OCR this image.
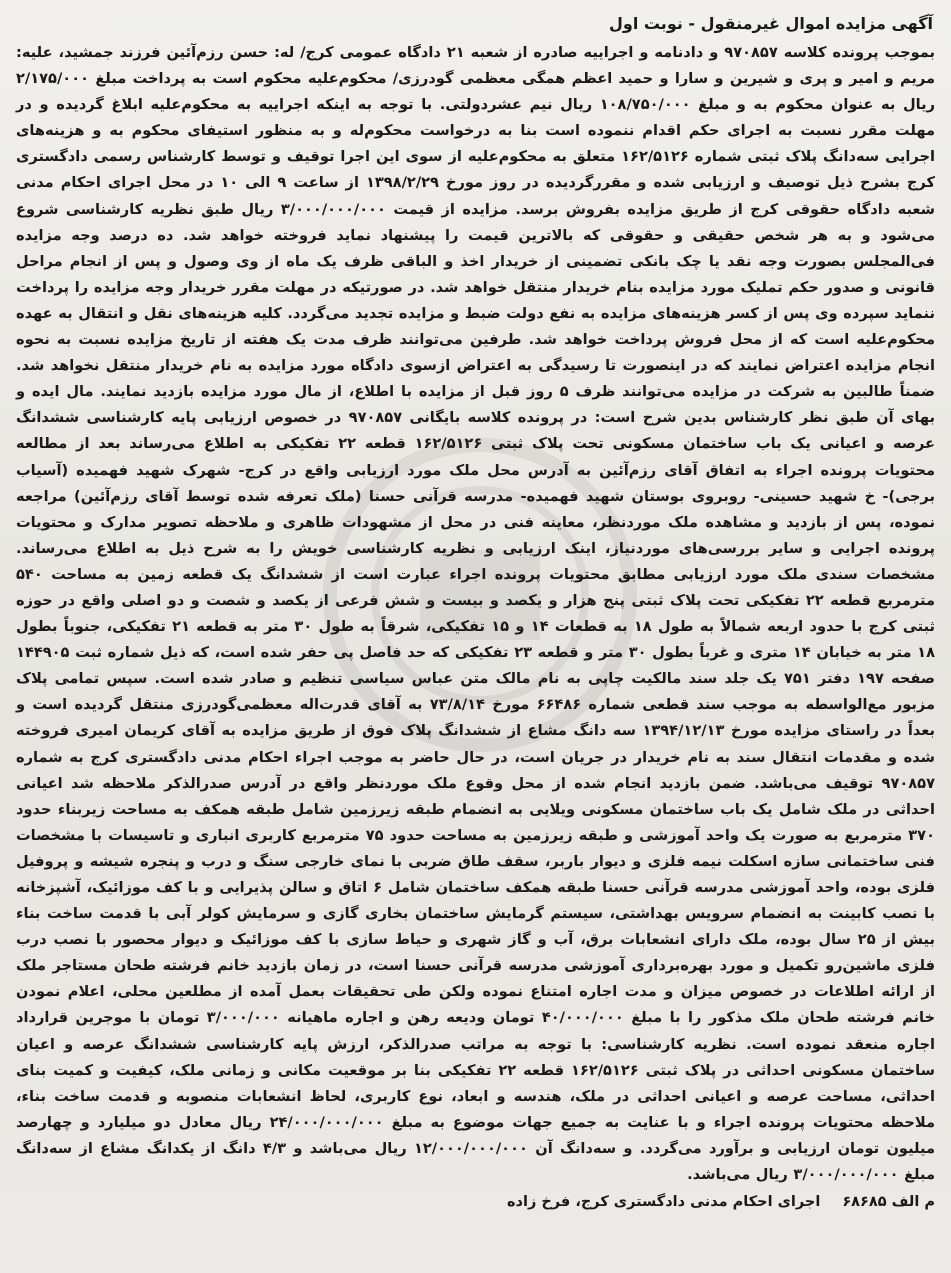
آگهی مزایده اموال غیرمنقول - نوبت اول
بموجب پرونده کلاسه ۹۷۰۸۵۷ و دادنامه و اجراییه صادره از شعبه ۲۱ دادگاه عمومی کرج/ له: حسن رزم‌آئین فرزند جمشید، علیه: مریم و امیر و پری و شیرین و سارا و حمید اعظم همگی معظمی گودرزی/ محکوم‌علیه محکوم است به پرداخت مبلغ ۲/۱۷۵/۰۰۰ ریال به عنوان محکوم به و مبلغ ۱۰۸/۷۵۰/۰۰۰ ریال نیم عشردولتی. با توجه به اینکه اجراییه به محکوم‌علیه ابلاغ گردیده و در مهلت مقرر نسبت به اجرای حکم اقدام ننموده است بنا به درخواست محکوم‌له و به منظور استیفای محکوم به و هزینه‌های اجرایی سه‌دانگ پلاک ثبتی شماره ۱۶۲/۵۱۲۶ متعلق به محکوم‌علیه از سوی این اجرا توقیف و توسط کارشناس رسمی دادگستری کرج بشرح ذیل توصیف و ارزیابی شده و مقررگردیده در روز مورخ ۱۳۹۸/۲/۲۹ از ساعت ۹ الی ۱۰ در محل اجرای احکام مدنی شعبه دادگاه حقوقی کرج از طریق مزایده بفروش برسد. مزایده از قیمت ۳/۰۰۰/۰۰۰/۰۰۰ ریال طبق نظریه کارشناسی شروع می‌شود و به هر شخص حقیقی و حقوقی که بالاترین قیمت را پیشنهاد نماید فروخته خواهد شد. ده درصد وجه مزایده فی‌المجلس بصورت وجه نقد یا چک بانکی تضمینی از خریدار اخذ و الباقی ظرف یک ماه از وی وصول و پس از انجام مراحل قانونی و صدور حکم تملیک مورد مزایده بنام خریدار منتقل خواهد شد. در صورتیکه در مهلت مقرر خریدار وجه مزایده را پرداخت ننماید سپرده وی پس از کسر هزینه‌های مزایده به نفع دولت ضبط و مزایده تجدید می‌گردد. کلیه هزینه‌های نقل و انتقال به عهده محکوم‌علیه است که از محل فروش پرداخت خواهد شد. طرفین می‌توانند ظرف مدت یک هفته از تاریخ مزایده نسبت به نحوه انجام مزایده اعتراض نمایند که در اینصورت تا رسیدگی به اعتراض ازسوی دادگاه مورد مزایده به نام خریدار منتقل نخواهد شد. ضمناً طالبین به شرکت در مزایده می‌توانند ظرف ۵ روز قبل از مزایده با اطلاع، از مال مورد مزایده بازدید نمایند. مال ایده و بهای آن طبق نظر کارشناس بدین شرح است: در پرونده کلاسه بایگانی ۹۷۰۸۵۷ در خصوص ارزیابی پایه کارشناسی ششدانگ عرصه و اعیانی یک باب ساختمان مسکونی تحت پلاک ثبتی ۱۶۲/۵۱۲۶ قطعه ۲۲ تفکیکی به اطلاع می‌رساند بعد از مطالعه محتویات پرونده اجراء به اتفاق آقای رزم‌آئین به آدرس محل ملک مورد ارزیابی واقع در کرج- شهرک شهید فهمیده (آسیاب برجی)- خ شهید حسینی- روبروی بوستان شهید فهمیده- مدرسه قرآنی حسنا (ملک تعرفه شده توسط آقای رزم‌آئین) مراجعه نموده، پس از بازدید و مشاهده ملک موردنظر، معاینه فنی در محل از مشهودات ظاهری و ملاحظه تصویر مدارک و محتویات پرونده اجرایی و سایر بررسی‌های موردنیاز، اینک ارزیابی و نظریه کارشناسی خویش را به شرح ذیل به اطلاع می‌رساند. مشخصات سندی ملک مورد ارزیابی مطابق محتویات پرونده اجراء عبارت است از ششدانگ یک قطعه زمین به مساحت ۵۴۰ مترمربع قطعه ۲۲ تفکیکی تحت پلاک ثبتی پنج هزار و یکصد و بیست و شش فرعی از یکصد و شصت و دو اصلی واقع در حوزه ثبتی کرج با حدود اربعه شمالاً به طول ۱۸ به قطعات ۱۴ و ۱۵ تفکیکی، شرقاً به طول ۳۰ متر به قطعه ۲۱ تفکیکی، جنوباً بطول ۱۸ متر به خیابان ۱۴ متری و غرباً بطول ۳۰ متر و قطعه ۲۳ تفکیکی که حد فاصل پی حفر شده است، که ذیل شماره ثبت ۱۴۴۹۰۵ صفحه ۱۹۷ دفتر ۷۵۱ یک جلد سند مالکیت چاپی به نام مالک متن عباس سیاسی تنظیم و صادر شده است. سپس تمامی پلاک مزبور مع‌الواسطه به موجب سند قطعی شماره ۶۶۴۸۶ مورخ ۷۳/۸/۱۴ به آقای قدرت‌اله معظمی‌گودرزی منتقل گردیده است و بعداً در راستای مزایده مورخ ۱۳۹۴/۱۲/۱۳ سه دانگ مشاع از ششدانگ پلاک فوق از طریق مزایده به آقای کریمان امیری فروخته شده و مقدمات انتقال سند به نام خریدار در جریان است، در حال حاضر به موجب اجراء احکام مدنی دادگستری کرج به شماره ۹۷۰۸۵۷ توقیف می‌باشد. ضمن بازدید انجام شده از محل وقوع ملک موردنظر واقع در آدرس صدرالذکر ملاحظه شد اعیانی احداثی در ملک شامل یک باب ساختمان مسکونی ویلایی به انضمام طبقه زیرزمین شامل طبقه همکف به مساحت زیربناء حدود ۳۷۰ مترمربع به صورت یک واحد آموزشی و طبقه زیرزمین به مساحت حدود ۷۵ مترمربع کاربری انباری و تاسیسات با مشخصات فنی ساختمانی سازه اسکلت نیمه فلزی و دیوار باربر، سقف طاق ضربی با نمای خارجی سنگ و درب و پنجره شیشه و پروفیل فلزی بوده، واحد آموزشی مدرسه قرآنی حسنا طبقه همکف ساختمان شامل ۶ اتاق و سالن پذیرایی و با کف موزائیک، آشپزخانه با نصب کابینت به انضمام سرویس بهداشتی، سیستم گرمایش ساختمان بخاری گازی و سرمایش کولر آبی با قدمت ساخت بناء بیش از ۲۵ سال بوده، ملک دارای انشعابات برق، آب و گاز شهری و حیاط سازی با کف موزائیک و دیوار محصور با نصب درب فلزی ماشین‌رو تکمیل و مورد بهره‌برداری آموزشی مدرسه قرآنی حسنا است، در زمان بازدید خانم فرشته طحان مستاجر ملک از ارائه اطلاعات در خصوص میزان و مدت اجاره امتناع نموده ولکن طی تحقیقات بعمل آمده از مطلعین محلی، اعلام نمودن خانم فرشته طحان ملک مذکور را با مبلغ ۴۰/۰۰۰/۰۰۰ تومان ودیعه رهن و اجاره ماهیانه ۳/۰۰۰/۰۰۰ تومان با موجرین قرارداد اجاره منعقد نموده است. نظریه کارشناسی: با توجه به مراتب صدرالذکر، ارزش پایه کارشناسی ششدانگ عرصه و اعیان ساختمان مسکونی احداثی در پلاک ثبتی ۱۶۲/۵۱۲۶ قطعه ۲۲ تفکیکی بنا بر موقعیت مکانی و زمانی ملک، کیفیت و کمیت بنای احداثی، مساحت عرصه و اعیانی احداثی در ملک، هندسه و ابعاد، نوع کاربری، لحاظ انشعابات منصوبه و قدمت ساخت بناء، ملاحظه محتویات پرونده اجراء و با عنایت به جمیع جهات موضوع به مبلغ ۲۴/۰۰۰/۰۰۰/۰۰۰ ریال معادل دو میلیارد و چهارصد میلیون تومان ارزیابی و برآورد می‌گردد. و سه‌دانگ آن ۱۲/۰۰۰/۰۰۰/۰۰۰ ریال می‌باشد و ۴/۳ دانگ از یکدانگ مشاع از سه‌دانگ مبلغ ۳/۰۰۰/۰۰۰/۰۰۰ ریال می‌باشد.
م الف ۶۸۶۸۵
اجرای احکام مدنی دادگستری کرج، فرخ زاده
